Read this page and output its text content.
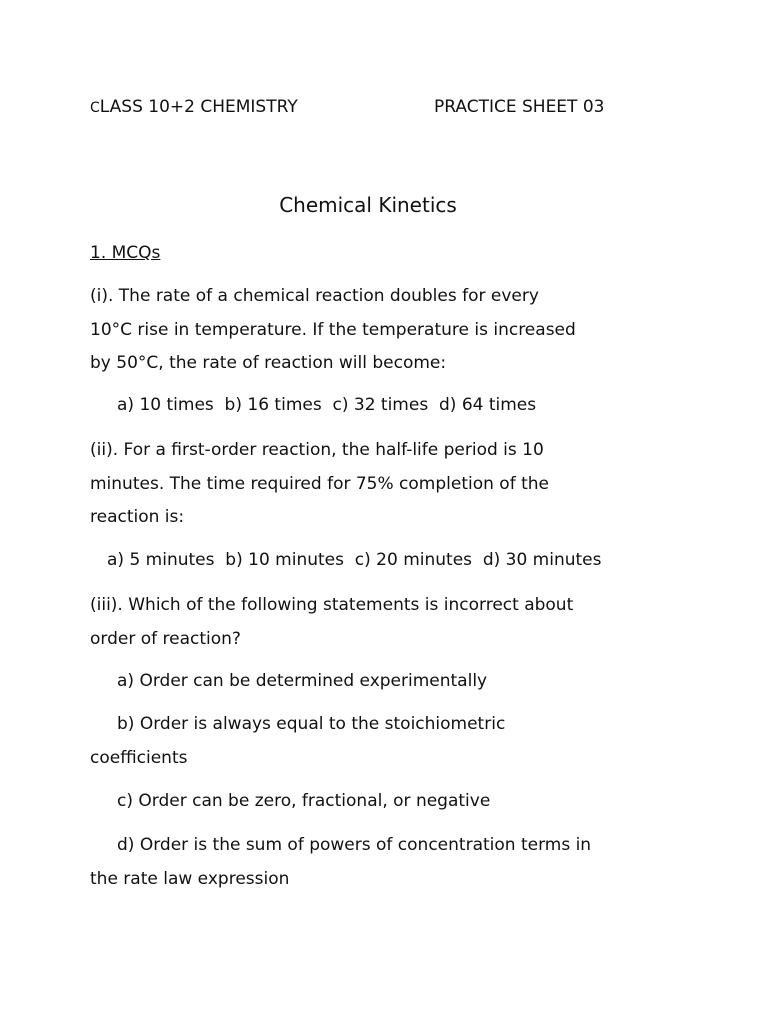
CLASS 10+2 CHEMISTRY	PRACTICE SHEET 03
Chemical Kinetics
1. MCQs
(i). The rate of a chemical reaction doubles for every
10°C rise in temperature. If the temperature is increased
by 50°C, the rate of reaction will become:
a) 10 times  b) 16 times  c) 32 times  d) 64 times
(ii). For a first-order reaction, the half-life period is 10
minutes. The time required for 75% completion of the
reaction is:
a) 5 minutes  b) 10 minutes  c) 20 minutes  d) 30 minutes
(iii). Which of the following statements is incorrect about
order of reaction?
a) Order can be determined experimentally
b) Order is always equal to the stoichiometric
coefficients
c) Order can be zero, fractional, or negative
d) Order is the sum of powers of concentration terms in
the rate law expression
